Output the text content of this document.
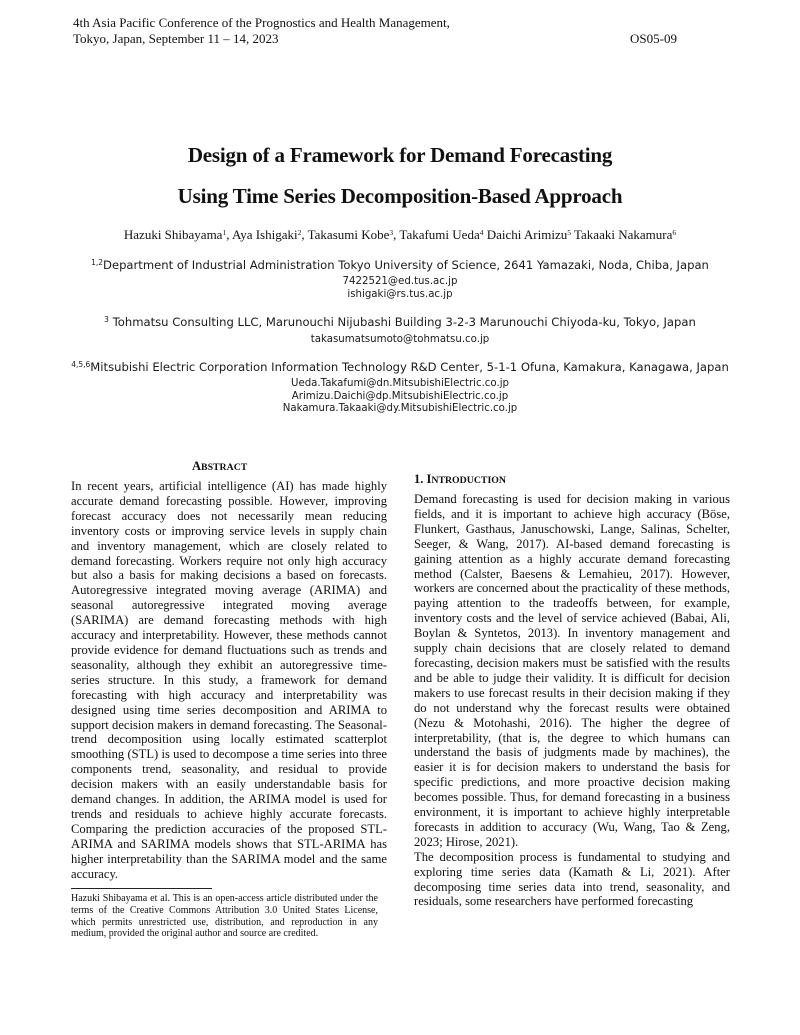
4th Asia Pacific Conference of the Prognostics and Health Management,
Tokyo, Japan, September 11 – 14, 2023	OS05-09
Design of a Framework for Demand Forecasting
Using Time Series Decomposition-Based Approach
Hazuki Shibayama$^1$, Aya Ishigaki$^2$, Takasumi Kobe$^3$, Takafumi Ueda$^4$ Daichi Arimizu$^5$ Takaaki Nakamura$^6$
$^{1,2}$Department of Industrial Administration Tokyo University of Science, 2641 Yamazaki, Noda, Chiba, Japan
7422521@ed.tus.ac.jp
ishigaki@rs.tus.ac.jp
$^3$ Tohmatsu Consulting LLC, Marunouchi Nijubashi Building 3-2-3 Marunouchi Chiyoda-ku, Tokyo, Japan
takasumatsumoto@tohmatsu.co.jp
$^{4,5,6}$Mitsubishi Electric Corporation Information Technology R&D Center, 5-1-1 Ofuna, Kamakura, Kanagawa, Japan
Ueda.Takafumi@dn.MitsubishiElectric.co.jp
Arimizu.Daichi@dp.MitsubishiElectric.co.jp
Nakamura.Takaaki@dy.MitsubishiElectric.co.jp
ABSTRACT

In recent years, artificial intelligence (AI) has made highly accurate demand forecasting possible. However, improving forecast accuracy does not necessarily mean reducing inventory costs or improving service levels in supply chain and inventory management, which are closely related to demand forecasting. Workers require not only high accuracy but also a basis for making decisions a based on forecasts. Autoregressive integrated moving average (ARIMA) and seasonal autoregressive integrated moving average (SARIMA) are demand forecasting methods with high accuracy and interpretability. However, these methods cannot provide evidence for demand fluctuations such as trends and seasonality, although they exhibit an autoregressive time-series structure. In this study, a framework for demand forecasting with high accuracy and interpretability was designed using time series decomposition and ARIMA to support decision makers in demand forecasting. The Seasonal-trend decomposition using locally estimated scatterplot smoothing (STL) is used to decompose a time series into three components trend, seasonality, and residual to provide decision makers with an easily understandable basis for demand changes. In addition, the ARIMA model is used for trends and residuals to achieve highly accurate forecasts. Comparing the prediction accuracies of the proposed STL-ARIMA and SARIMA models shows that STL-ARIMA has higher interpretability than the SARIMA model and the same accuracy.

Hazuki Shibayama et al. This is an open-access article distributed under the terms of the Creative Commons Attribution 3.0 United States License, which permits unrestricted use, distribution, and reproduction in any medium, provided the original author and source are credited.
1. INTRODUCTION

Demand forecasting is used for decision making in various fields, and it is important to achieve high accuracy (Böse, Flunkert, Gasthaus, Januschowski, Lange, Salinas, Schelter, Seeger, & Wang, 2017). AI-based demand forecasting is gaining attention as a highly accurate demand forecasting method (Calster, Baesens & Lemahieu, 2017). However, workers are concerned about the practicality of these methods, paying attention to the tradeoffs between, for example, inventory costs and the level of service achieved (Babai, Ali, Boylan & Syntetos, 2013). In inventory management and supply chain decisions that are closely related to demand forecasting, decision makers must be satisfied with the results and be able to judge their validity. It is difficult for decision makers to use forecast results in their decision making if they do not understand why the forecast results were obtained (Nezu & Motohashi, 2016). The higher the degree of interpretability, (that is, the degree to which humans can understand the basis of judgments made by machines), the easier it is for decision makers to understand the basis for specific predictions, and more proactive decision making becomes possible. Thus, for demand forecasting in a business environment, it is important to achieve highly interpretable forecasts in addition to accuracy (Wu, Wang, Tao & Zeng, 2023; Hirose, 2021).

The decomposition process is fundamental to studying and exploring time series data (Kamath & Li, 2021). After decomposing time series data into trend, seasonality, and residuals, some researchers have performed forecasting
